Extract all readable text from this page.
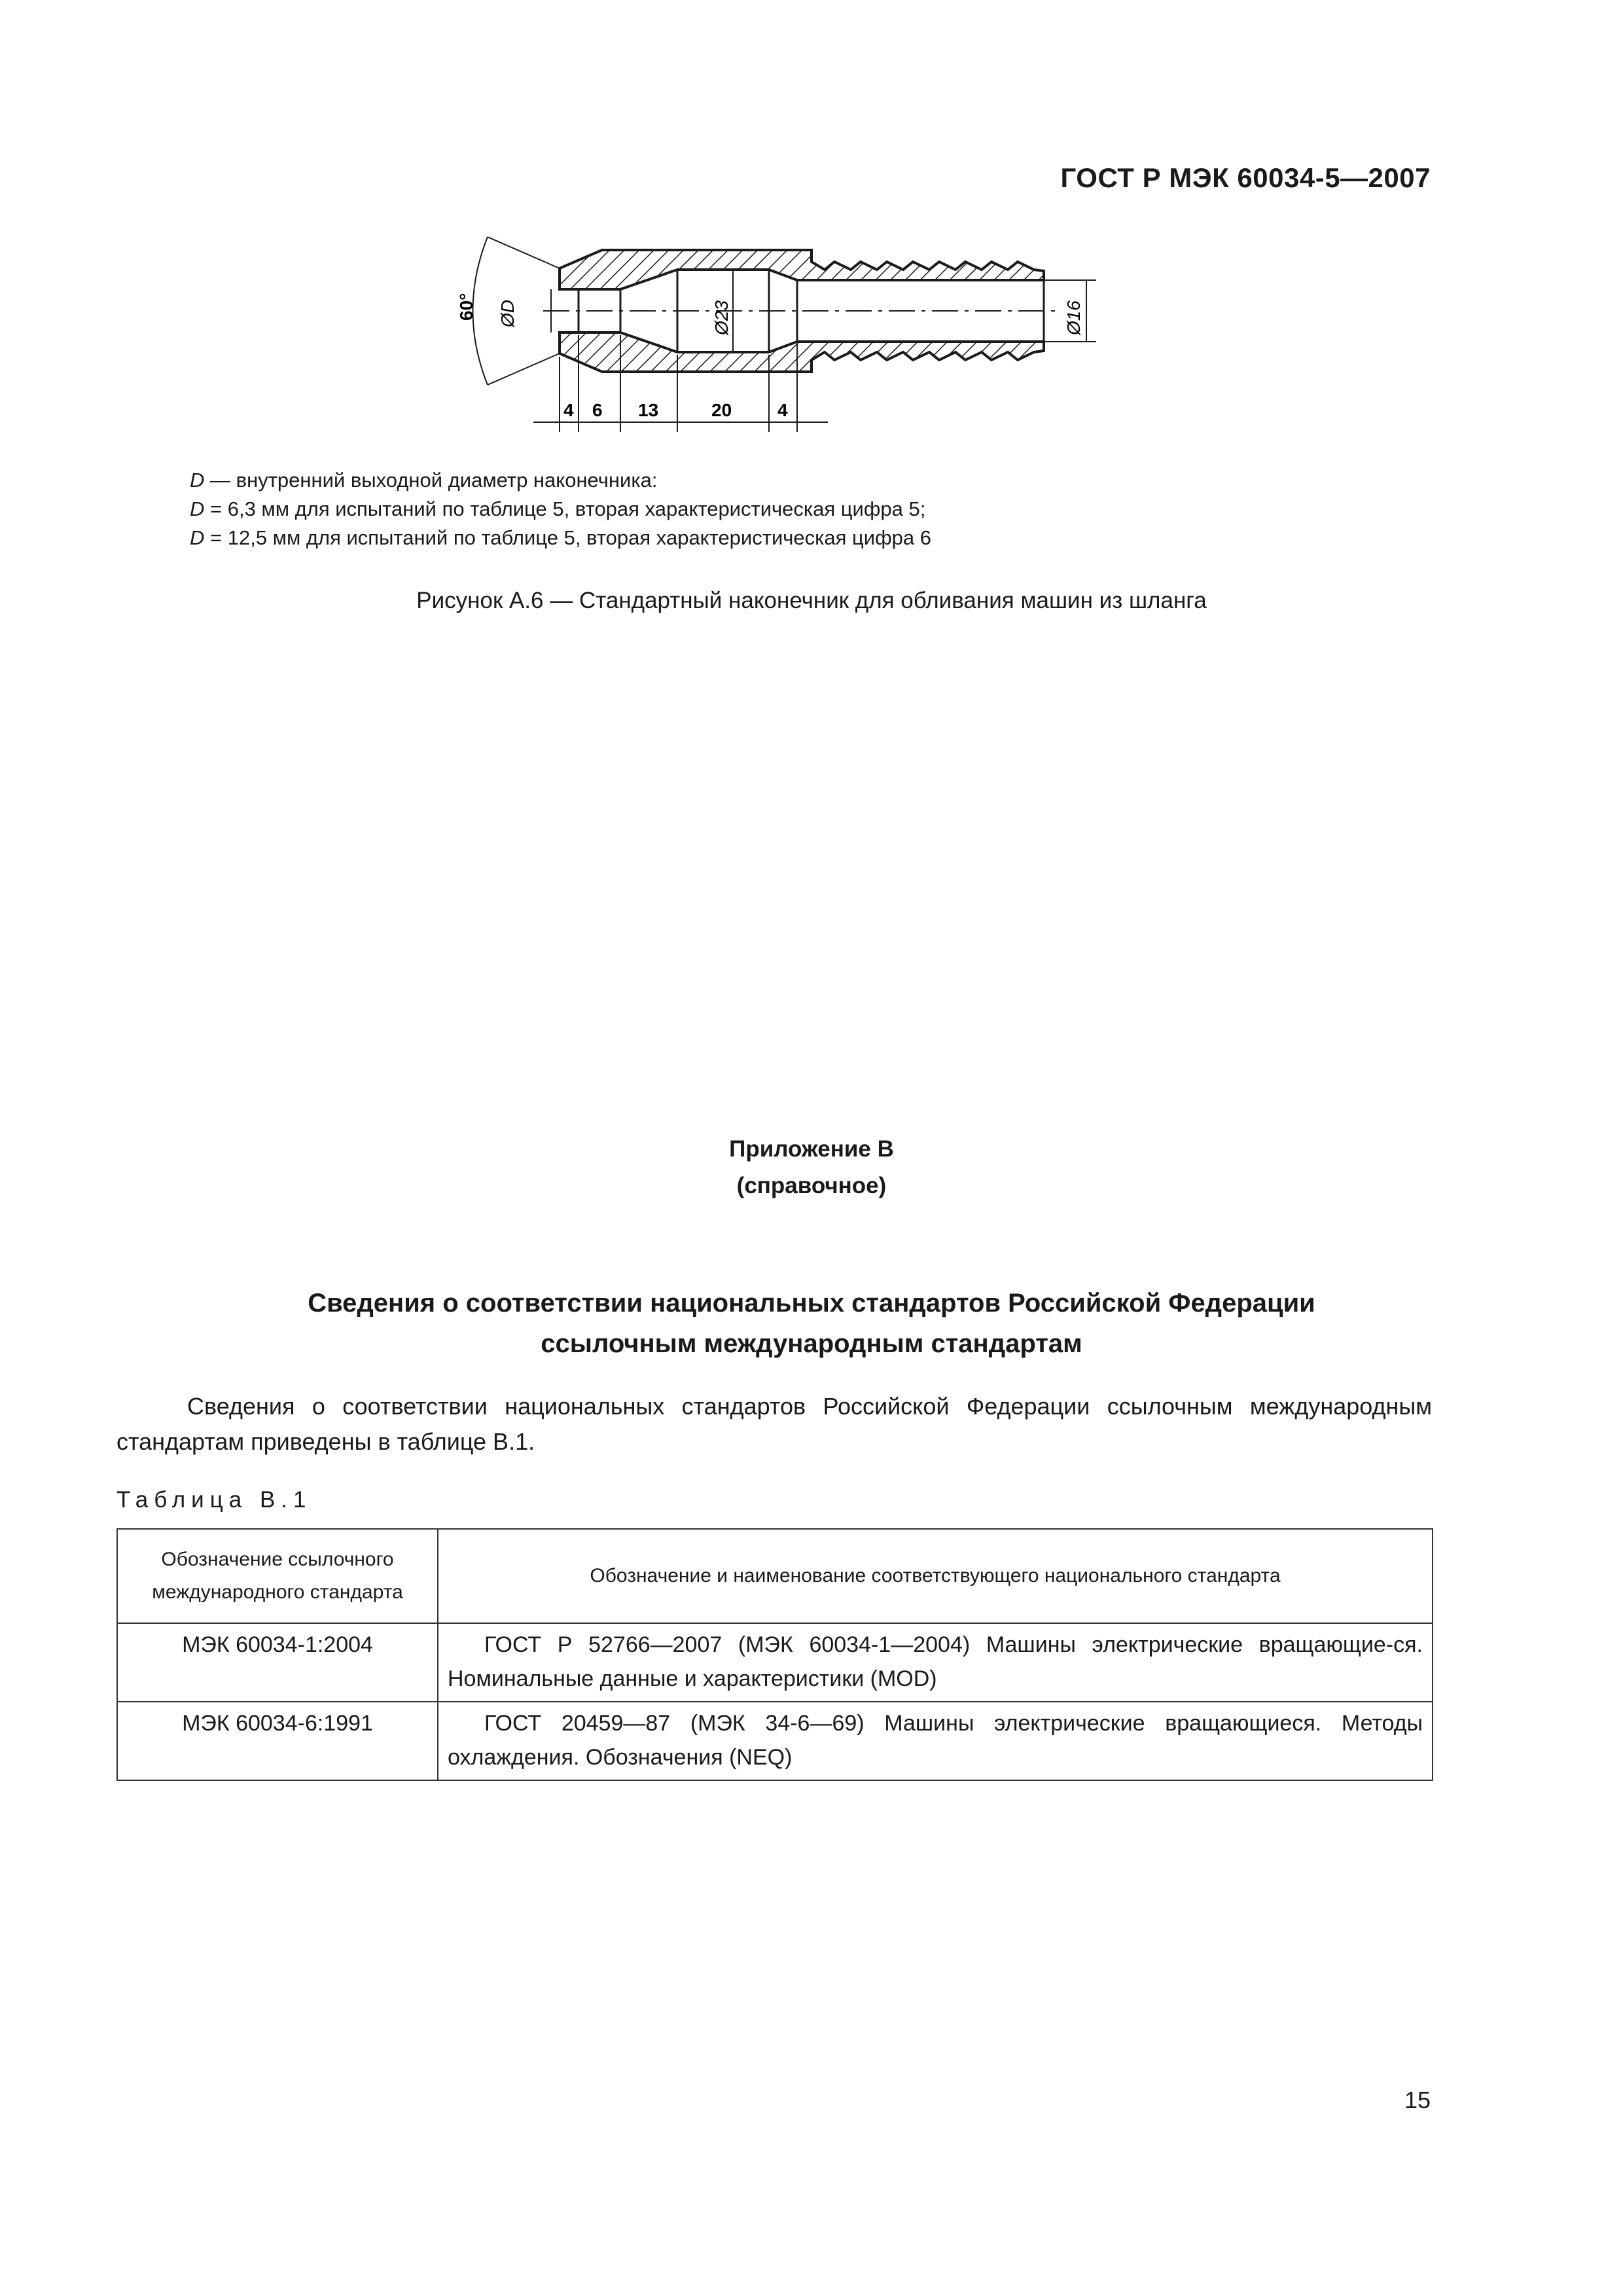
ГОСТ Р МЭК 60034-5—2007
60° ØD	Ø23	Ø16
4 6 13	20 4
D — внутренний выходной диаметр наконечника:
D = 6,3 мм для испытаний по таблице 5, вторая характеристическая цифра 5;
D = 12,5 мм для испытаний по таблице 5, вторая характеристическая цифра 6
Рисунок А.6 — Стандартный наконечник для обливания машин из шланга
Приложение В
(справочное)
Сведения о соответствии национальных стандартов Российской Федерации
ссылочным международным стандартам
Сведения о соответствии национальных стандартов Российской Федерации ссылочным международным стандартам приведены в таблице В.1.
Таблица В.1
Обозначение ссылочного
международного стандарта	Обозначение и наименование соответствующего национального стандарта
МЭК 60034-1:2004	ГОСТ Р 52766—2007 (МЭК 60034-1—2004) Машины электрические вращающие-ся. Номинальные данные и характеристики (MOD)
МЭК 60034-6:1991	ГОСТ 20459—87 (МЭК 34-6—69) Машины электрические вращающиеся. Методы охлаждения. Обозначения (NEQ)
15
